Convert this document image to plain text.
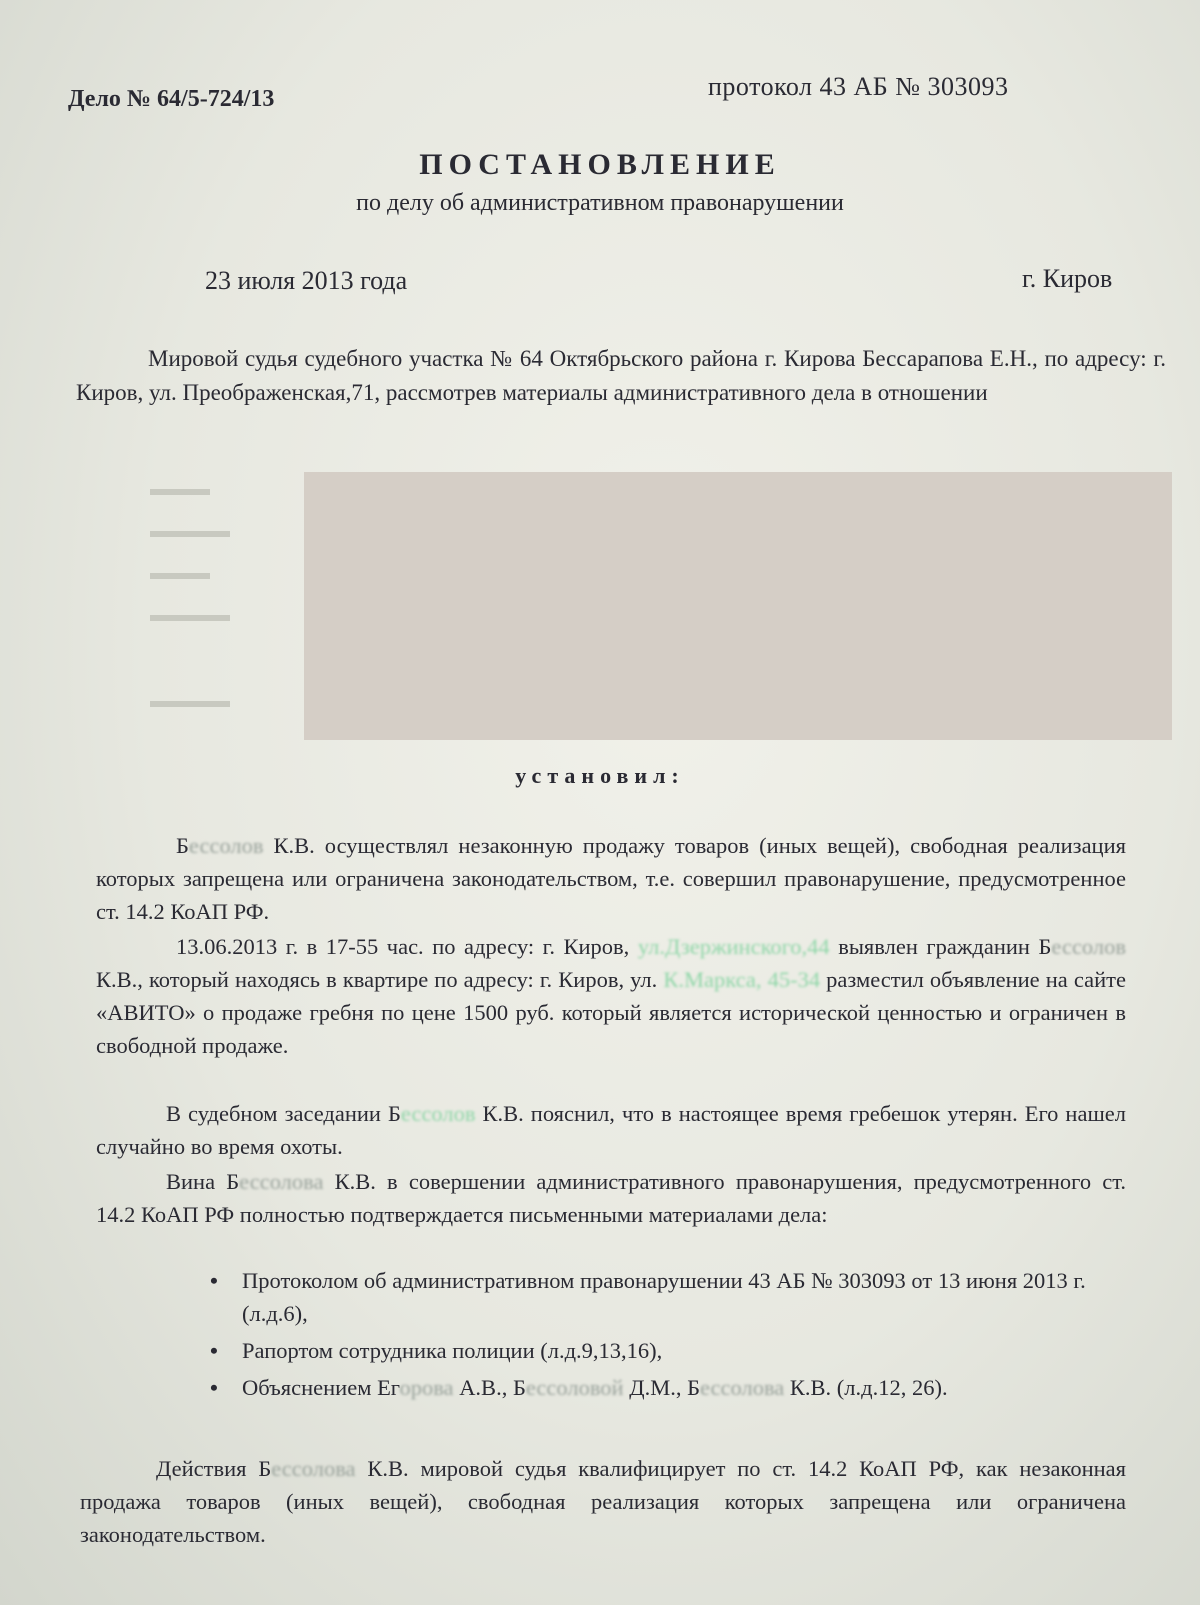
Дело № 64/5-724/13	протокол 43 АБ № 303093
ПОСТАНОВЛЕНИЕ
по делу об административном правонарушении
23 июля 2013 года	г. Киров
Мировой судья судебного участка № 64 Октябрьского района г. Кирова Бессарапова Е.Н., по адресу: г. Киров, ул. Преображенская,71, рассмотрев материалы административного дела в отношении
▬▬▬
▬▬▬▬
▬▬▬
▬▬▬▬
▬▬▬▬
установил:
Бессолов К.В. осуществлял незаконную продажу товаров (иных вещей), свободная реализация которых запрещена или ограничена законодательством, т.е. совершил правонарушение, предусмотренное ст. 14.2 КоАП РФ.
13.06.2013 г. в 17-55 час. по адресу: г. Киров, ул.Дзержинского,44 выявлен гражданин Бессолов К.В., который находясь в квартире по адресу: г. Киров, ул. К.Маркса, 45-34 разместил объявление на сайте «АВИТО» о продаже гребня по цене 1500 руб. который является исторической ценностью и ограничен в свободной продаже.
В судебном заседании Бессолов К.В. пояснил, что в настоящее время гребешок утерян. Его нашел случайно во время охоты.
Вина Бессолова К.В. в совершении административного правонарушения, предусмотренного ст. 14.2 КоАП РФ полностью подтверждается письменными материалами дела:
• Протоколом об административном правонарушении 43 АБ № 303093 от 13 июня 2013 г. (л.д.6),
• Рапортом сотрудника полиции (л.д.9,13,16),
• Объяснением Егорова А.В., Бессоловой Д.М., Бессолова К.В. (л.д.12, 26).
Действия Бессолова К.В. мировой судья квалифицирует по ст. 14.2 КоАП РФ, как незаконная продажа товаров (иных вещей), свободная реализация которых запрещена или ограничена законодательством.
